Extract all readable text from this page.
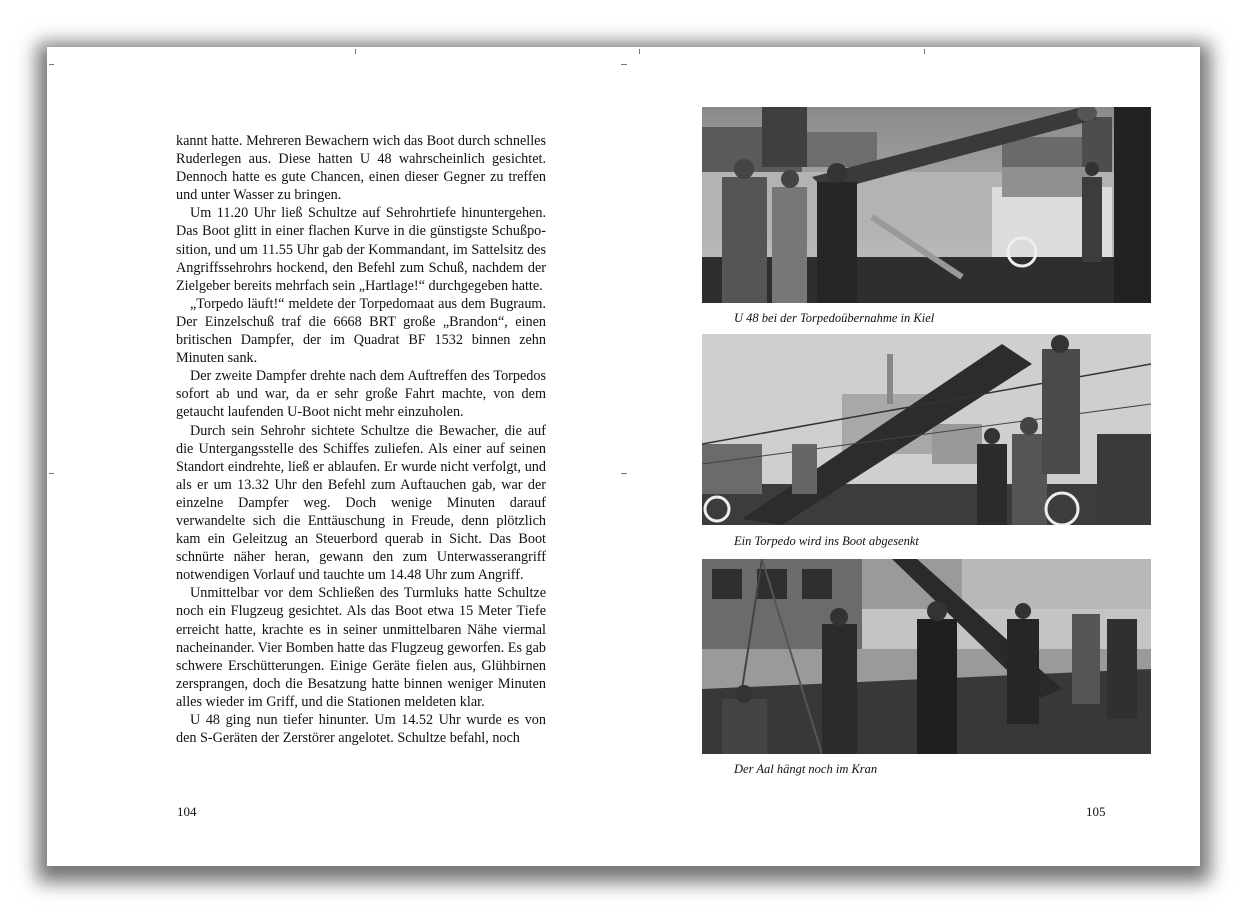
kannt hatte. Mehreren Bewachern wich das Boot durch schnelles Ruderlegen aus. Diese hatten U 48 wahrscheinlich gesichtet. Dennoch hatte es gute Chancen, einen dieser Gegner zu treffen und unter Wasser zu bringen.

Um 11.20 Uhr ließ Schultze auf Sehrohrtiefe hinuntergehen. Das Boot glitt in einer flachen Kurve in die günstigste Schußposition, und um 11.55 Uhr gab der Kommandant, im Sattelsitz des Angriffssehrohrs hockend, den Befehl zum Schuß, nachdem der Zielgeber bereits mehrfach sein „Hartlage!“ durchgegeben hatte.

„Torpedo läuft!“ meldete der Torpedomaat aus dem Bugraum. Der Einzelschuß traf die 6668 BRT große „Brandon“, einen britischen Dampfer, der im Quadrat BF 1532 binnen zehn Minuten sank.

Der zweite Dampfer drehte nach dem Auftreffen des Torpedos sofort ab und war, da er sehr große Fahrt machte, von dem getaucht laufenden U-Boot nicht mehr einzuholen.

Durch sein Sehrohr sichtete Schultze die Bewacher, die auf die Untergangsstelle des Schiffes zuliefen. Als einer auf seinen Standort eindrehte, ließ er ablaufen. Er wurde nicht verfolgt, und als er um 13.32 Uhr den Befehl zum Auftauchen gab, war der einzelne Dampfer weg. Doch wenige Minuten darauf verwandelte sich die Enttäuschung in Freude, denn plötzlich kam ein Geleitzug an Steuerbord querab in Sicht. Das Boot schnürte näher heran, gewann den zum Unterwasserangriff notwendigen Vorlauf und tauchte um 14.48 Uhr zum Angriff.

Unmittelbar vor dem Schließen des Turmluks hatte Schultze noch ein Flugzeug gesichtet. Als das Boot etwa 15 Meter Tiefe erreicht hatte, krachte es in seiner unmittelbaren Nähe viermal nacheinander. Vier Bomben hatte das Flugzeug geworfen. Es gab schwere Erschütterungen. Einige Geräte fielen aus, Glühbirnen zersprangen, doch die Besatzung hatte binnen weniger Minuten alles wieder im Griff, und die Stationen meldeten klar.

U 48 ging nun tiefer hinunter. Um 14.52 Uhr wurde es von den S-Geräten der Zerstörer angelotet. Schultze befahl, noch

104
U 48 bei der Torpedoübernahme in Kiel
Ein Torpedo wird ins Boot abgesenkt
Der Aal hängt noch im Kran
105
